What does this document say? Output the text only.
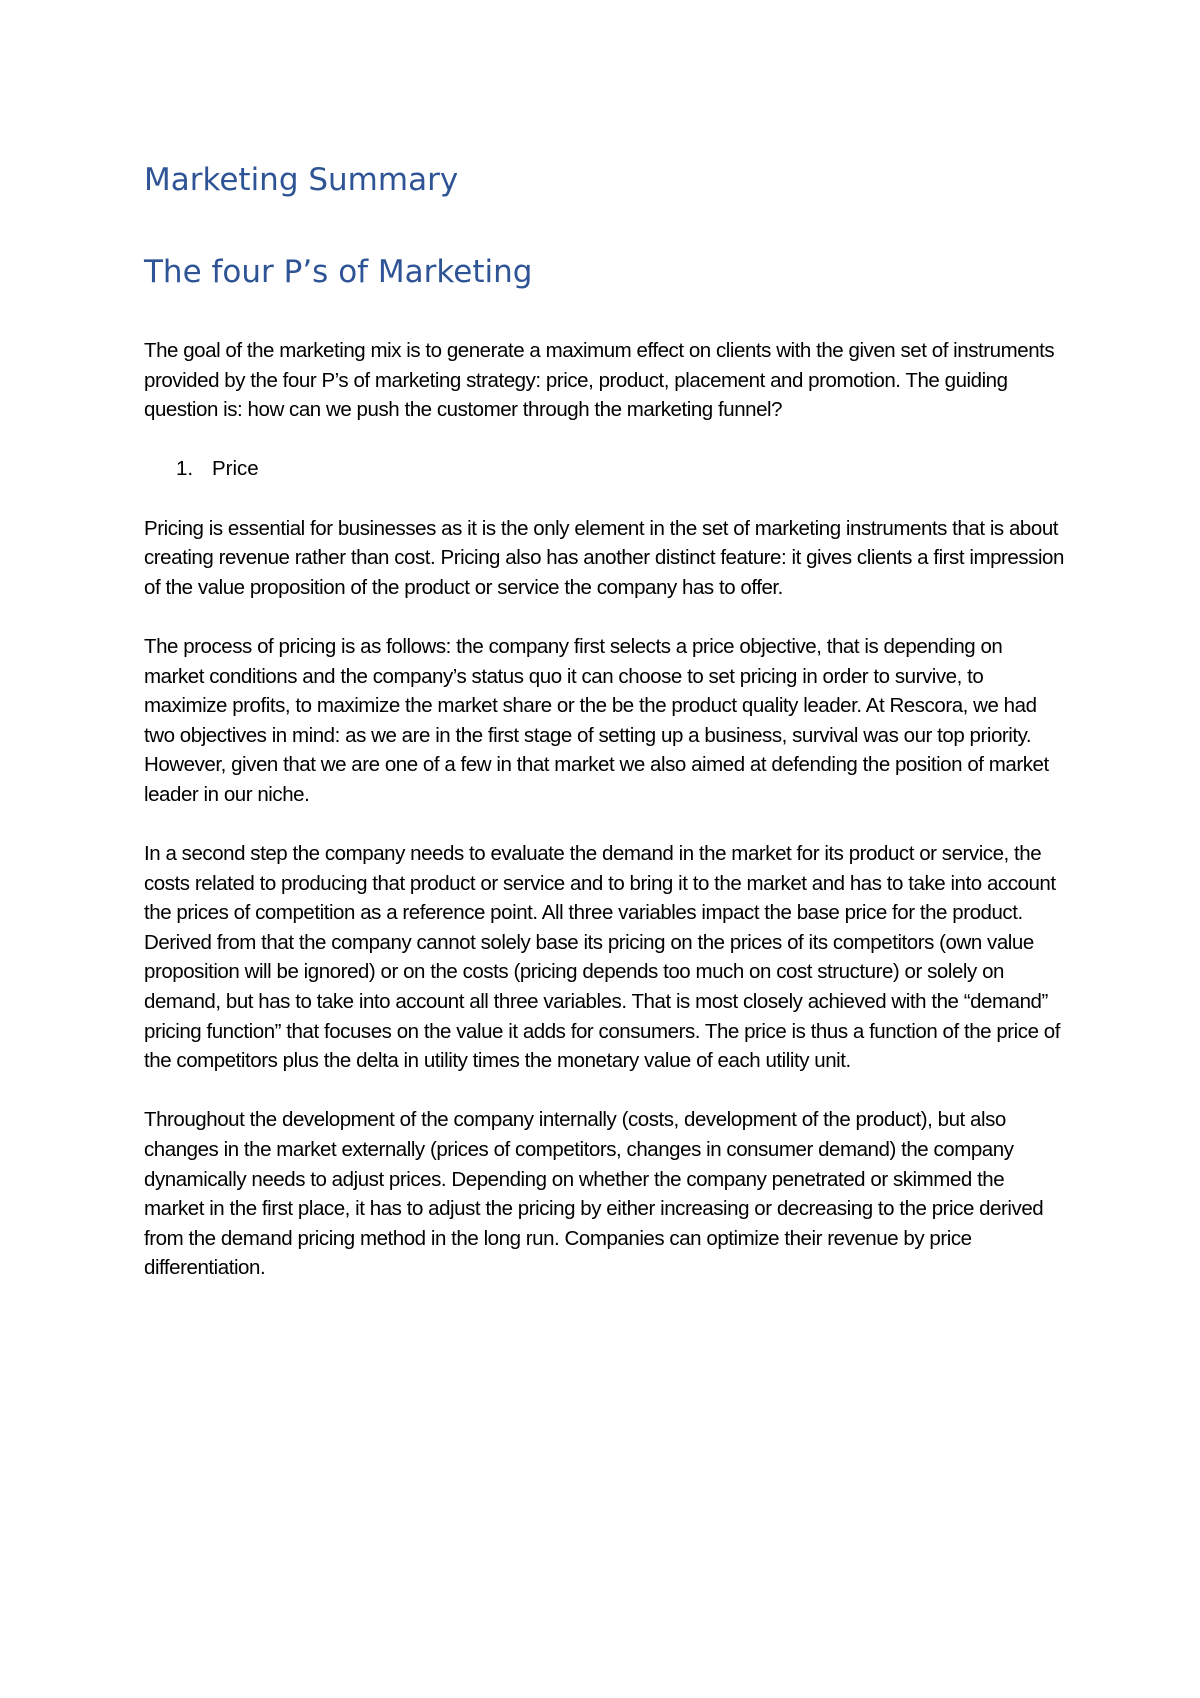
Marketing Summary
The four P’s of Marketing

The goal of the marketing mix is to generate a maximum effect on clients with the given set of instruments provided by the four P’s of marketing strategy: price, product, placement and promotion. The guiding question is: how can we push the customer through the marketing funnel?

1. Price

Pricing is essential for businesses as it is the only element in the set of marketing instruments that is about creating revenue rather than cost. Pricing also has another distinct feature: it gives clients a first impression of the value proposition of the product or service the company has to offer.

The process of pricing is as follows: the company first selects a price objective, that is depending on market conditions and the company’s status quo it can choose to set pricing in order to survive, to maximize profits, to maximize the market share or the be the product quality leader. At Rescora, we had two objectives in mind: as we are in the first stage of setting up a business, survival was our top priority. However, given that we are one of a few in that market we also aimed at defending the position of market leader in our niche.

In a second step the company needs to evaluate the demand in the market for its product or service, the costs related to producing that product or service and to bring it to the market and has to take into account the prices of competition as a reference point. All three variables impact the base price for the product. Derived from that the company cannot solely base its pricing on the prices of its competitors (own value proposition will be ignored) or on the costs (pricing depends too much on cost structure) or solely on demand, but has to take into account all three variables. That is most closely achieved with the “demand” pricing function” that focuses on the value it adds for consumers. The price is thus a function of the price of the competitors plus the delta in utility times the monetary value of each utility unit.

Throughout the development of the company internally (costs, development of the product), but also changes in the market externally (prices of competitors, changes in consumer demand) the company dynamically needs to adjust prices. Depending on whether the company penetrated or skimmed the market in the first place, it has to adjust the pricing by either increasing or decreasing to the price derived from the demand pricing method in the long run. Companies can optimize their revenue by price differentiation.
